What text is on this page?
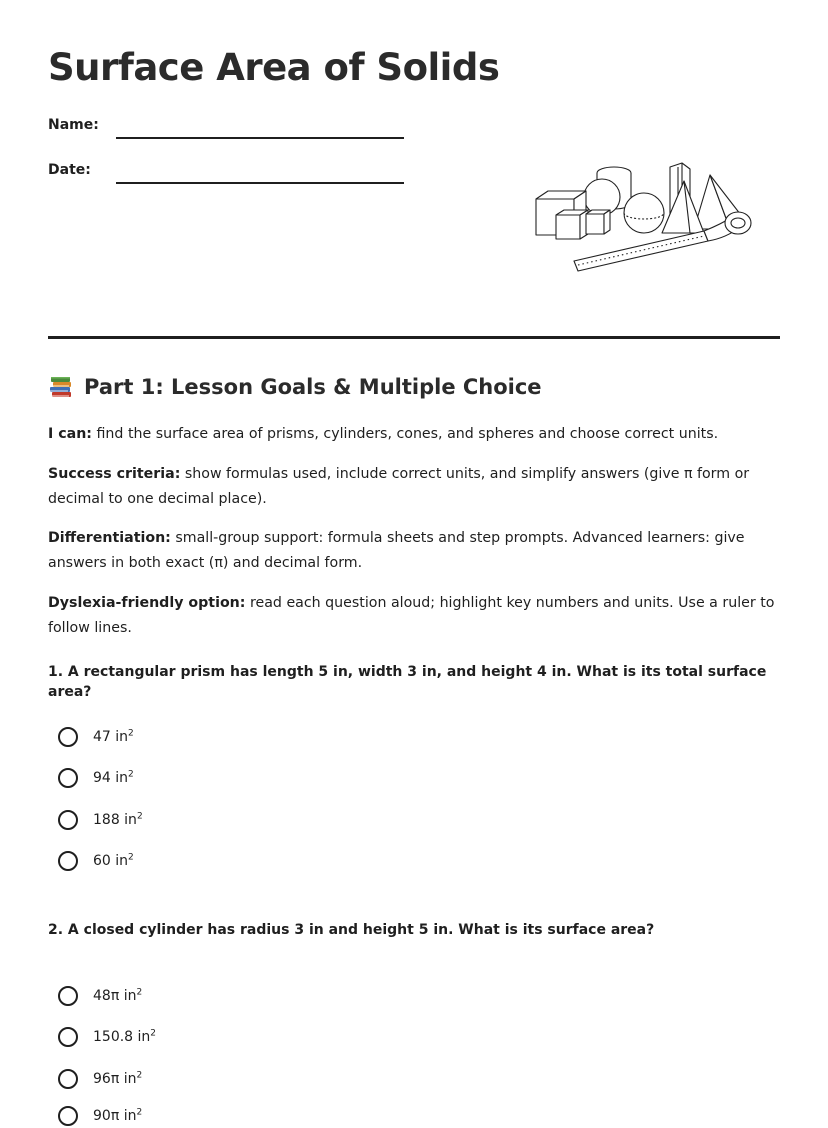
Surface Area of Solids
Name:
Date:
Part 1: Lesson Goals & Multiple Choice

I can: find the surface area of prisms, cylinders, cones, and spheres and choose correct units.

Success criteria: show formulas used, include correct units, and simplify answers (give π form or decimal to one decimal place).

Differentiation: small-group support: formula sheets and step prompts. Advanced learners: give answers in both exact (π) and decimal form.

Dyslexia-friendly option: read each question aloud; highlight key numbers and units. Use a ruler to follow lines.

1. A rectangular prism has length 5 in, width 3 in, and height 4 in. What is its total surface area?

47 $in^2$
94 $in^2$
188 $in^2$
60 $in^2$

2. A closed cylinder has radius 3 in and height 5 in. What is its surface area?

48π $in^2$
150.8 $in^2$
96π $in^2$
90π $in^2$
